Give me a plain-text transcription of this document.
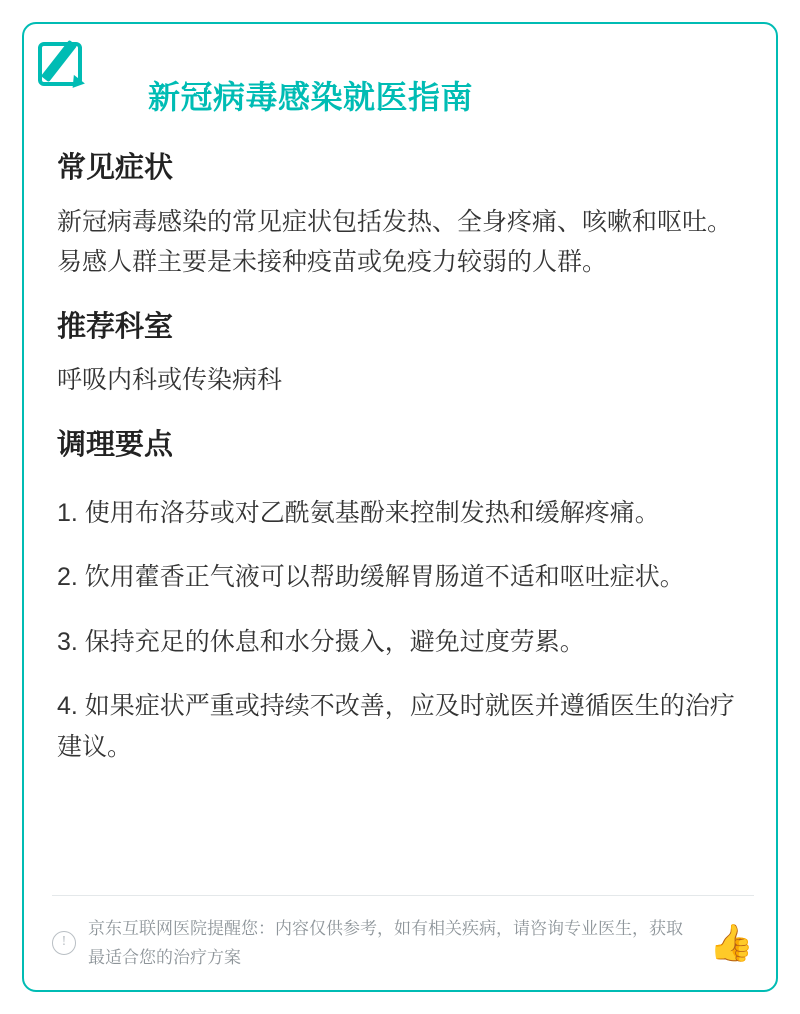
新冠病毒感染就医指南
常见症状

新冠病毒感染的常见症状包括发热、全身疼痛、咳嗽和呕吐。易感人群主要是未接种疫苗或免疫力较弱的人群。

推荐科室

呼吸内科或传染病科

调理要点

1. 使用布洛芬或对乙酰氨基酚来控制发热和缓解疼痛。

2. 饮用藿香正气液可以帮助缓解胃肠道不适和呕吐症状。

3. 保持充足的休息和水分摄入，避免过度劳累。

4. 如果症状严重或持续不改善，应及时就医并遵循医生的治疗建议。

!
京东互联网医院提醒您：内容仅供参考，如有相关疾病，请咨询专业医生，获取最适合您的治疗方案	👍
